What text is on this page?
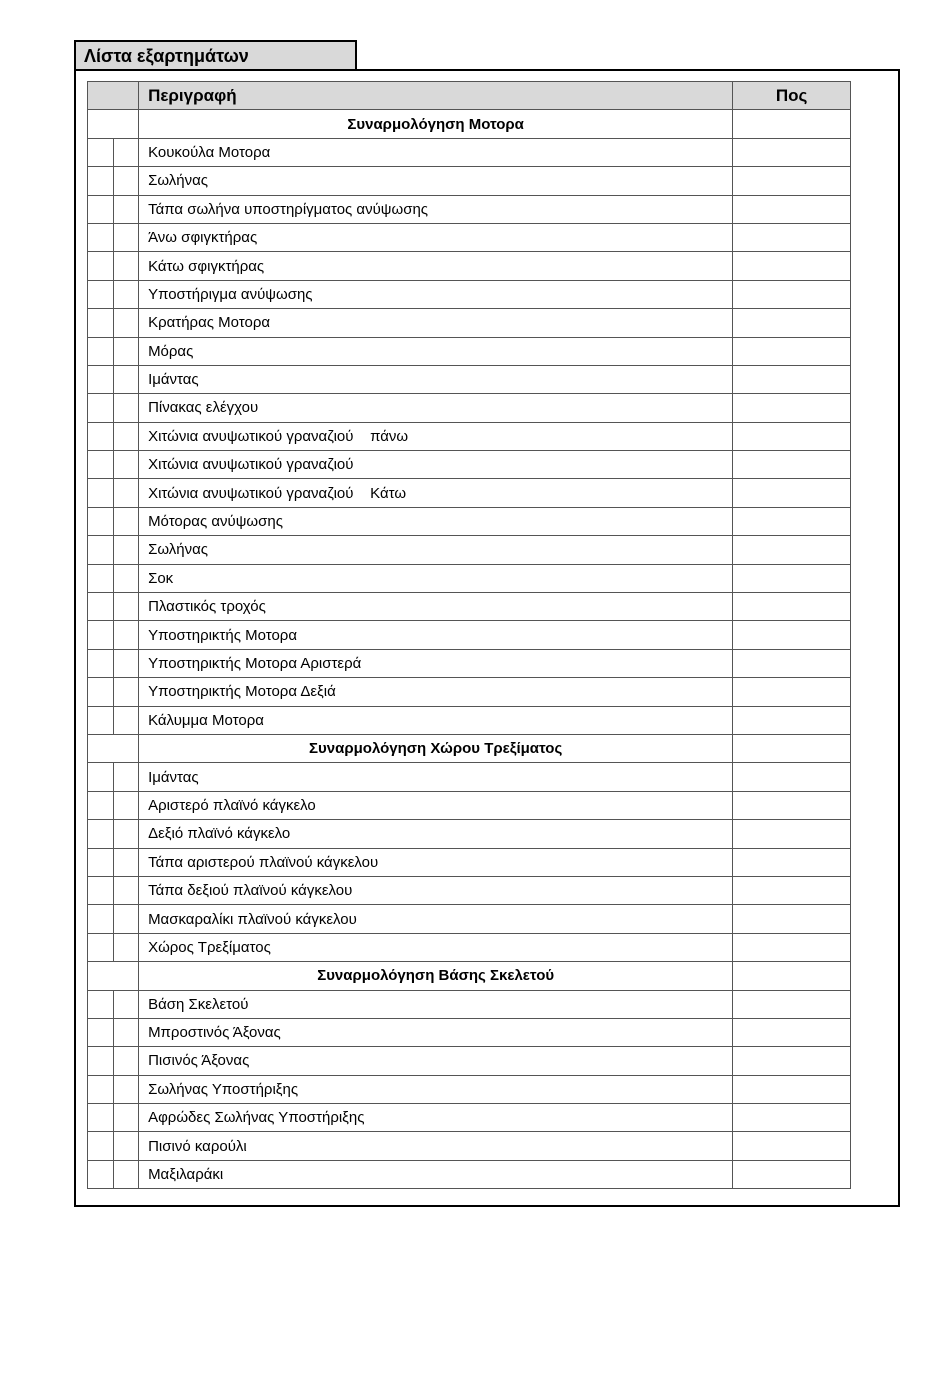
Λίστα εξαρτημάτων
		Περιγραφή	Πος
		Συναρμολόγηση Μοτορα	
		Κουκούλα Μοτορα	
		Σωλήνας	
		Τάπα σωλήνα υποστηρίγματος ανύψωσης	
		Άνω σφιγκτήρας	
		Κάτω σφιγκτήρας	
		Υποστήριγμα ανύψωσης	
		Κρατήρας Μοτορα	
		Μόρας	
		Ιμάντας	
		Πίνακας ελέγχου	
		Χιτώνια ανυψωτικού γραναζιού    πάνω	
		Χιτώνια ανυψωτικού γραναζιού	
		Χιτώνια ανυψωτικού γραναζιού    Κάτω	
		Μότορας ανύψωσης	
		Σωλήνας	
		Σοκ	
		Πλαστικός τροχός	
		Υποστηρικτής Μοτορα	
		Υποστηρικτής Μοτορα Αριστερά	
		Υποστηρικτής Μοτορα Δεξιά	
		Κάλυμμα Μοτορα	
		Συναρμολόγηση Χώρου Τρεξίματος	
		Ιμάντας	
		Αριστερό πλαϊνό κάγκελο	
		Δεξιό πλαϊνό κάγκελο	
		Τάπα αριστερού πλαϊνού κάγκελου	
		Τάπα δεξιού πλαϊνού κάγκελου	
		Μασκαραλίκι πλαϊνού κάγκελου	
		Χώρος Τρεξίματος	
		Συναρμολόγηση Βάσης Σκελετού	
		Βάση Σκελετού	
		Μπροστινός Άξονας	
		Πισινός Άξονας	
		Σωλήνας Υποστήριξης	
		Αφρώδες Σωλήνας Υποστήριξης	
		Πισινό καρούλι	
		Μαξιλαράκι	
